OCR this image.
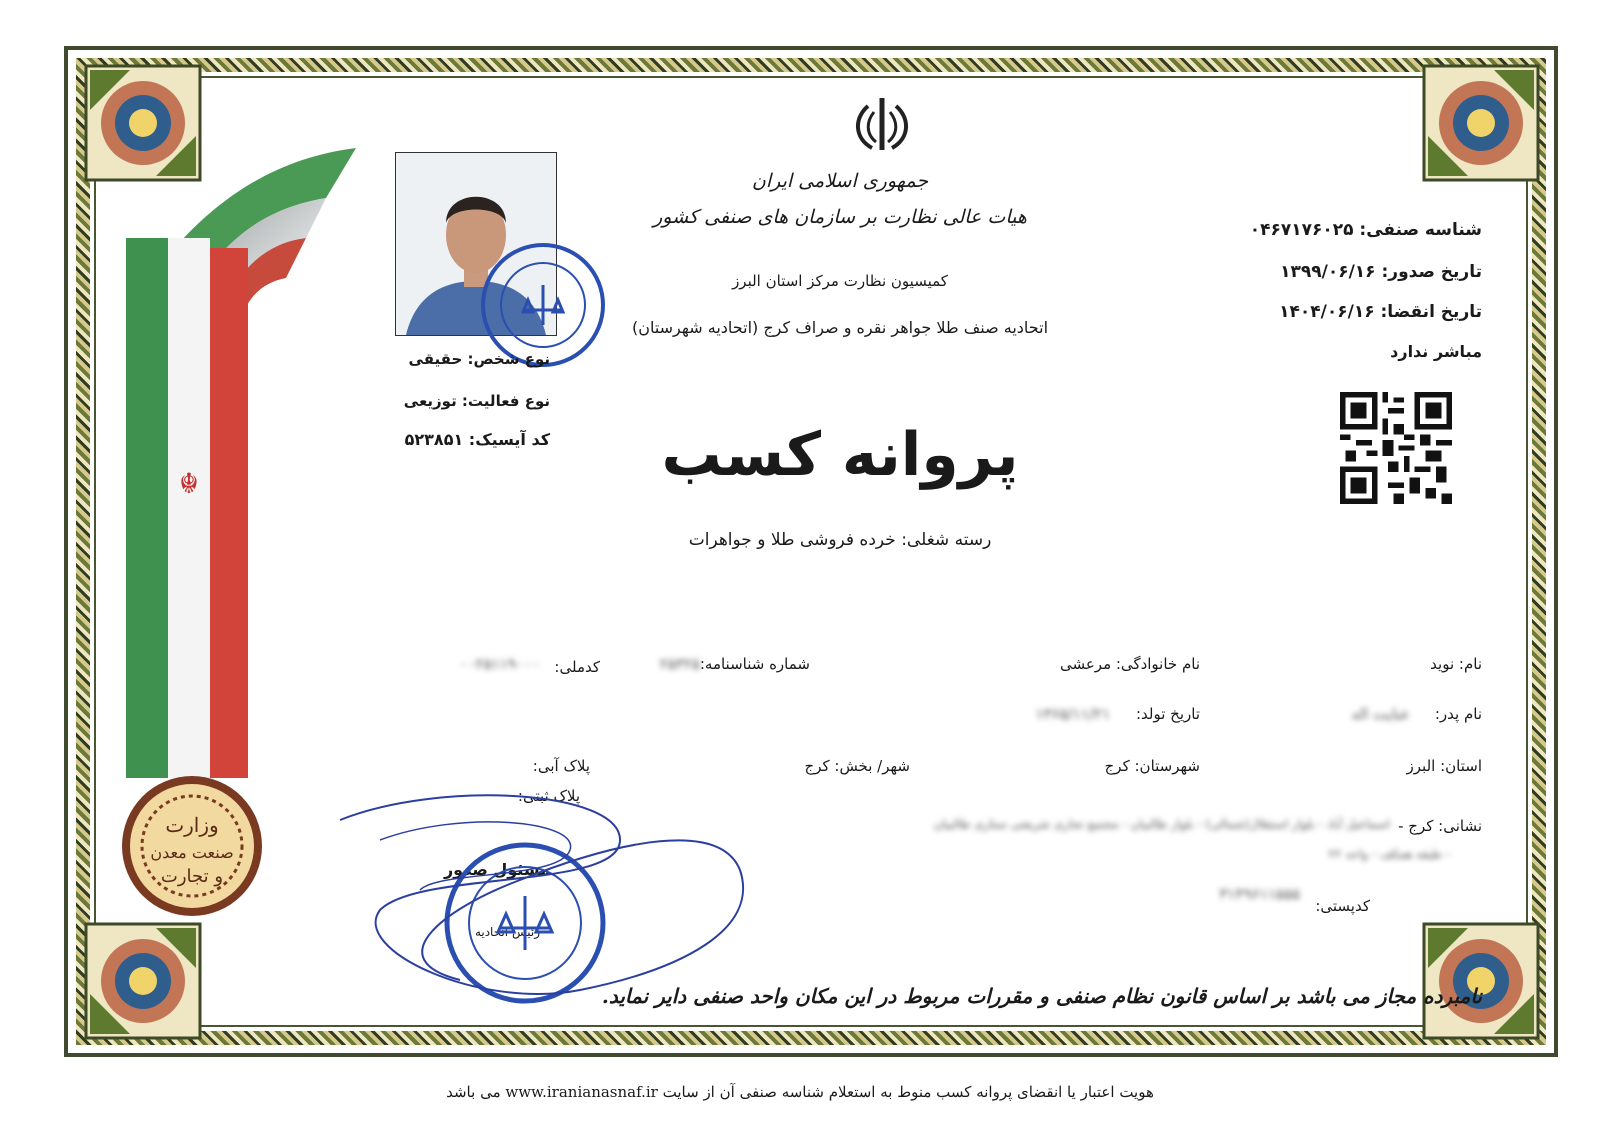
☬
وزارت
صنعت معدن
و تجارت
جمهوری اسلامی ایران
هیات عالی نظارت بر سازمان های صنفی کشور
کمیسیون نظارت مرکز استان البرز
اتحادیه صنف طلا جواهر نقره و صراف کرج (اتحادیه شهرستان)
پروانه کسب
رسته شغلی: خرده فروشی طلا و جواهرات
شناسه صنفی: ۰۴۶۷۱۷۶۰۲۵
تاریخ صدور: ۱۳۹۹/۰۶/۱۶
تاریخ انقضا: ۱۴۰۴/۰۶/۱۶
مباشر ندارد
نوع شخص: حقیقی
نوع فعالیت: توزیعی
کد آیسیک: ۵۲۳۸۵۱
نام: نوید
نام خانوادگی: مرعشی
شماره شناسنامه:
۲۵۳۲۵
کدملی:
۰۰۲۵۱۱۹۰۰۰
نام پدر:
عنایت اله
تاریخ تولد:
۱۳۶۵/۱۱/۲۱
استان: البرز
شهرستان: کرج
شهر/ بخش: کرج
پلاک آبی:
پلاک ثبتی:
نشانی: کرج -
اسماعیل آباد - بلوار استقلال(شمالی) - بلوار طالبیان - مجتمع تجاری شریعتی ستاری طالبیان
- طبقه همکف - واحد ۲۲
کدپستی:
۳۱۴۹۶۱۱۵۵۵
مسئول صدور
رئیس اتحادیه
نامبرده مجاز می باشد بر اساس قانون نظام صنفی و مقررات مربوط در این مکان واحد صنفی دایر نماید.
هویت اعتبار یا انقضای پروانه کسب منوط به استعلام شناسه صنفی آن از سایت www.iranianasnaf.ir می باشد
